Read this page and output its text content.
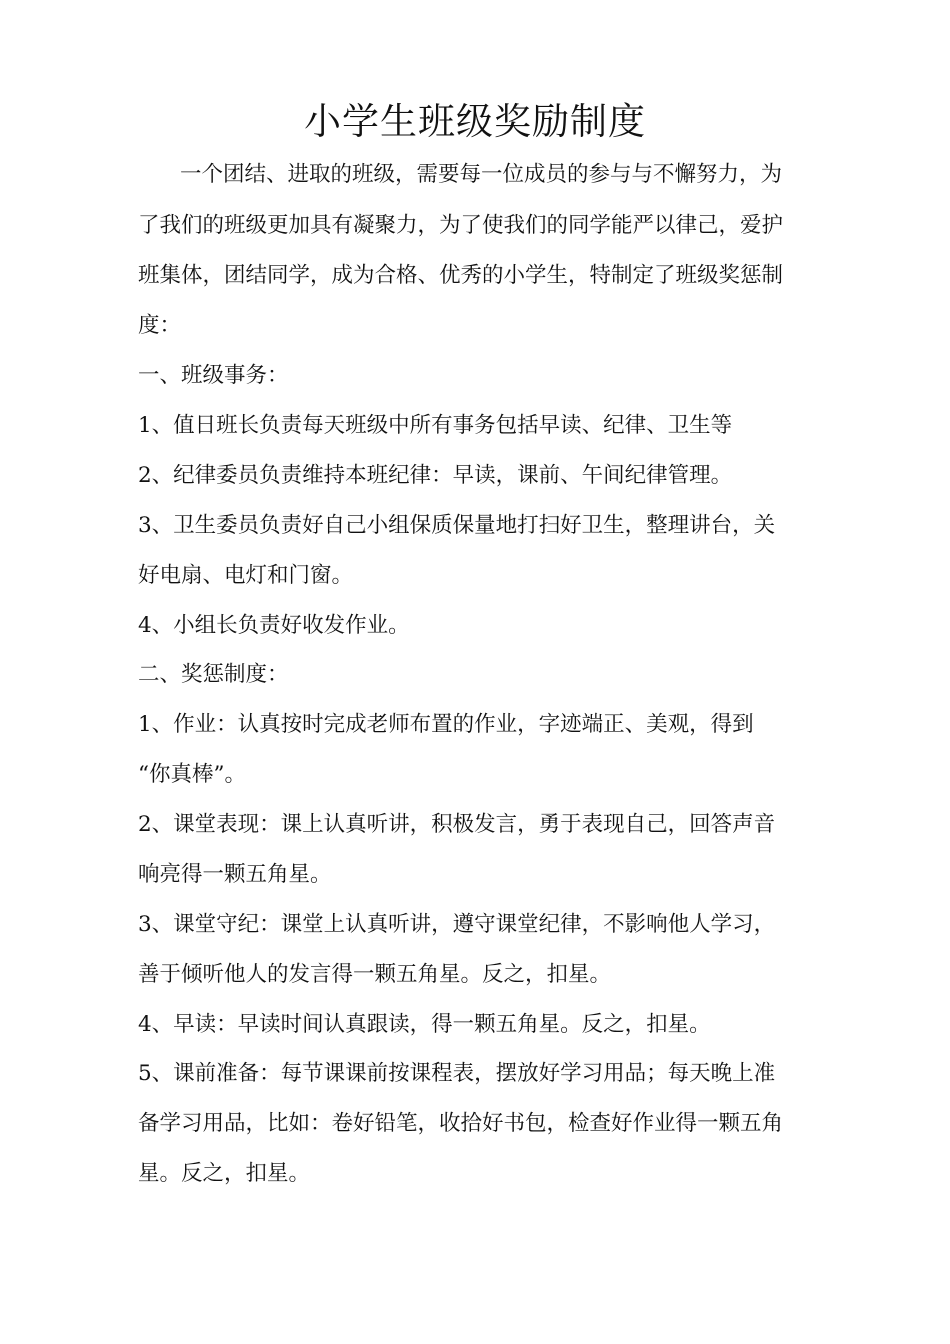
小学生班级奖励制度

一个团结、进取的班级，需要每一位成员的参与与不懈努力，为

了我们的班级更加具有凝聚力，为了使我们的同学能严以律己，爱护

班集体，团结同学，成为合格、优秀的小学生，特制定了班级奖惩制

度：

一、班级事务：

1、值日班长负责每天班级中所有事务包括早读、纪律、卫生等

2、纪律委员负责维持本班纪律：早读，课前、午间纪律管理。

3、卫生委员负责好自己小组保质保量地打扫好卫生，整理讲台，关

好电扇、电灯和门窗。

4、小组长负责好收发作业。

二、奖惩制度：

1、作业：认真按时完成老师布置的作业，字迹端正、美观，得到

“你真棒”。

2、课堂表现：课上认真听讲，积极发言，勇于表现自己，回答声音

响亮得一颗五角星。

3、课堂守纪：课堂上认真听讲，遵守课堂纪律，不影响他人学习，

善于倾听他人的发言得一颗五角星。反之，扣星。

4、早读：早读时间认真跟读，得一颗五角星。反之，扣星。

5、课前准备：每节课课前按课程表，摆放好学习用品；每天晚上准

备学习用品，比如：卷好铅笔，收拾好书包，检查好作业得一颗五角

星。反之，扣星。
